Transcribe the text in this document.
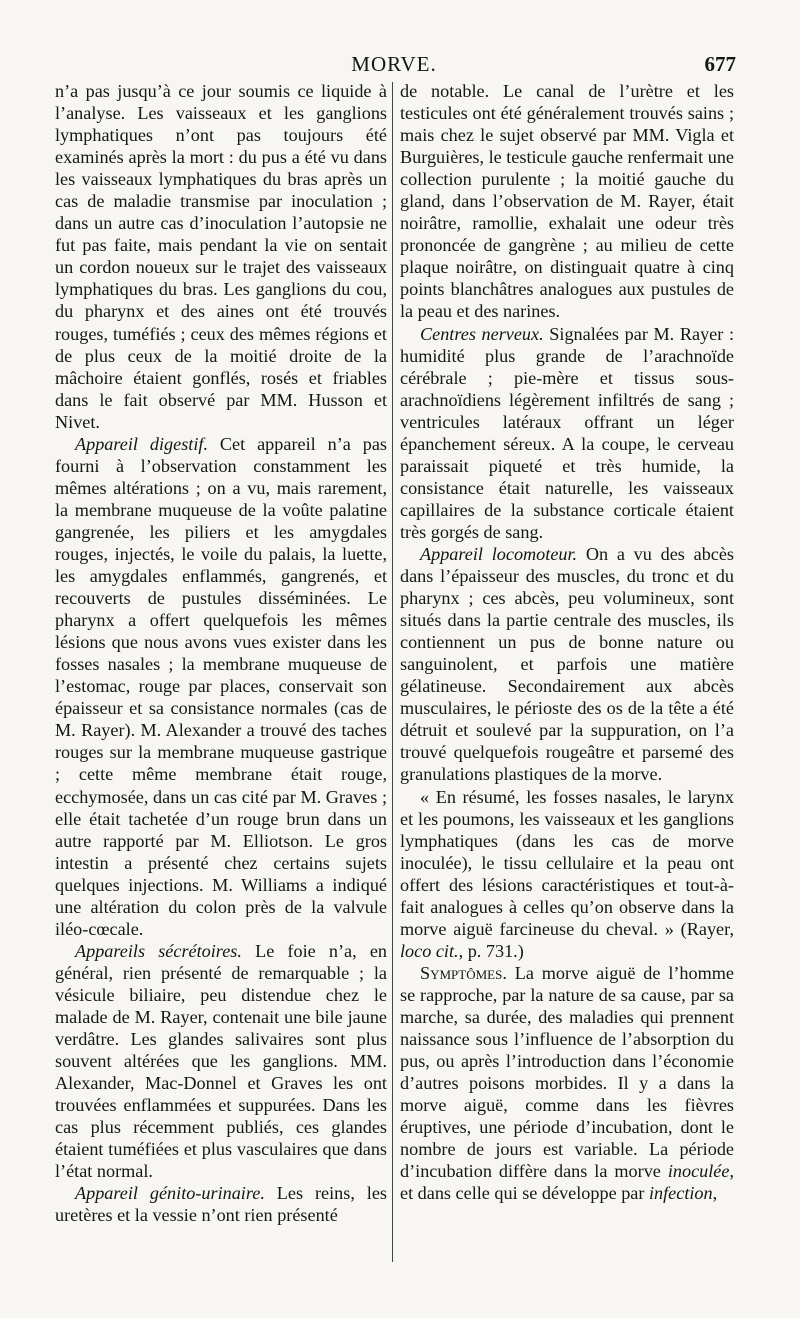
MORVE.	677

n’a pas jusqu’à ce jour soumis ce liquide à l’analyse. Les vaisseaux et les ganglions lymphatiques n’ont pas toujours été examinés après la mort : du pus a été vu dans les vaisseaux lymphatiques du bras après un cas de maladie transmise par inoculation ; dans un autre cas d’inoculation l’autopsie ne fut pas faite, mais pendant la vie on sentait un cordon noueux sur le trajet des vaisseaux lymphatiques du bras. Les ganglions du cou, du pharynx et des aines ont été trouvés rouges, tuméfiés ; ceux des mêmes régions et de plus ceux de la moitié droite de la mâchoire étaient gonflés, rosés et friables dans le fait observé par MM. Husson et Nivet.

Appareil digestif. Cet appareil n’a pas fourni à l’observation constamment les mêmes altérations ; on a vu, mais rarement, la membrane muqueuse de la voûte palatine gangrenée, les piliers et les amygdales rouges, injectés, le voile du palais, la luette, les amygdales enflammés, gangrenés, et recouverts de pustules disséminées. Le pharynx a offert quelquefois les mêmes lésions que nous avons vues exister dans les fosses nasales ; la membrane muqueuse de l’estomac, rouge par places, conservait son épaisseur et sa consistance normales (cas de M. Rayer). M. Alexander a trouvé des taches rouges sur la membrane muqueuse gastrique ; cette même membrane était rouge, ecchymosée, dans un cas cité par M. Graves ; elle était tachetée d’un rouge brun dans un autre rapporté par M. Elliotson. Le gros intestin a présenté chez certains sujets quelques injections. M. Williams a indiqué une altération du colon près de la valvule iléo-cœcale.

Appareils sécrétoires. Le foie n’a, en général, rien présenté de remarquable ; la vésicule biliaire, peu distendue chez le malade de M. Rayer, contenait une bile jaune verdâtre. Les glandes salivaires sont plus souvent altérées que les ganglions. MM. Alexander, Mac-Donnel et Graves les ont trouvées enflammées et suppurées. Dans les cas plus récemment publiés, ces glandes étaient tuméfiées et plus vasculaires que dans l’état normal.

Appareil génito-urinaire. Les reins, les uretères et la vessie n’ont rien présenté

de notable. Le canal de l’urètre et les testicules ont été généralement trouvés sains ; mais chez le sujet observé par MM. Vigla et Burguières, le testicule gauche renfermait une collection purulente ; la moitié gauche du gland, dans l’observation de M. Rayer, était noirâtre, ramollie, exhalait une odeur très prononcée de gangrène ; au milieu de cette plaque noirâtre, on distinguait quatre à cinq points blanchâtres analogues aux pustules de la peau et des narines.

Centres nerveux. Signalées par M. Rayer : humidité plus grande de l’arachnoïde cérébrale ; pie-mère et tissus sous-arachnoïdiens légèrement infiltrés de sang ; ventricules latéraux offrant un léger épanchement séreux. A la coupe, le cerveau paraissait piqueté et très humide, la consistance était naturelle, les vaisseaux capillaires de la substance corticale étaient très gorgés de sang.

Appareil locomoteur. On a vu des abcès dans l’épaisseur des muscles, du tronc et du pharynx ; ces abcès, peu volumineux, sont situés dans la partie centrale des muscles, ils contiennent un pus de bonne nature ou sanguinolent, et parfois une matière gélatineuse. Secondairement aux abcès musculaires, le périoste des os de la tête a été détruit et soulevé par la suppuration, on l’a trouvé quelquefois rougeâtre et parsemé des granulations plastiques de la morve.

« En résumé, les fosses nasales, le larynx et les poumons, les vaisseaux et les ganglions lymphatiques (dans les cas de morve inoculée), le tissu cellulaire et la peau ont offert des lésions caractéristiques et tout-à-fait analogues à celles qu’on observe dans la morve aiguë farcineuse du cheval. » (Rayer, loco cit., p. 731.)

Symptômes. La morve aiguë de l’homme se rapproche, par la nature de sa cause, par sa marche, sa durée, des maladies qui prennent naissance sous l’influence de l’absorption du pus, ou après l’introduction dans l’économie d’autres poisons morbides. Il y a dans la morve aiguë, comme dans les fièvres éruptives, une période d’incubation, dont le nombre de jours est variable. La période d’incubation diffère dans la morve inoculée, et dans celle qui se développe par infection,
